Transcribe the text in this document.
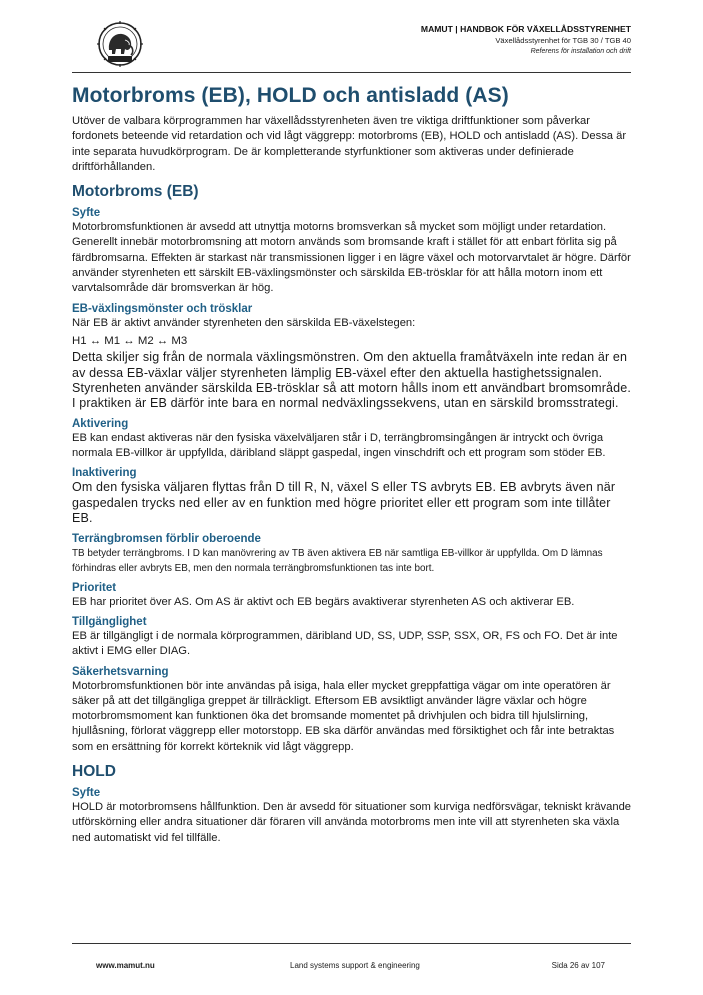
MAMUT | HANDBOK FÖR VÄXELLÅDSSTYRENHET
Växellådsstyrenhet för TGB 30 / TGB 40
Referens för installation och drift
Motorbroms (EB), HOLD och antisladd (AS)

Utöver de valbara körprogrammen har växellådsstyrenheten även tre viktiga driftfunktioner som påverkar fordonets beteende vid retardation och vid lågt väggrepp: motorbroms (EB), HOLD och antisladd (AS). Dessa är inte separata huvudkörprogram. De är kompletterande styrfunktioner som aktiveras under definierade driftförhållanden.

Motorbroms (EB)
Syfte

Motorbromsfunktionen är avsedd att utnyttja motorns bromsverkan så mycket som möjligt under retardation. Generellt innebär motorbromsning att motorn används som bromsande kraft i stället för att enbart förlita sig på färdbromsarna. Effekten är starkast när transmissionen ligger i en lägre växel och motorvarvtalet är högre. Därför använder styrenheten ett särskilt EB-växlingsmönster och särskilda EB-trösklar för att hålla motorn inom ett varvtalsområde där bromsverkan är hög.

EB-växlingsmönster och trösklar

När EB är aktivt använder styrenheten den särskilda EB-växelstegen:

H1 ↔ M1 ↔ M2 ↔ M3

Detta skiljer sig från de normala växlingsmönstren. Om den aktuella framåtväxeln inte redan är en av dessa EB-växlar väljer styrenheten lämplig EB-växel efter den aktuella hastighetssignalen. Styrenheten använder särskilda EB-trösklar så att motorn hålls inom ett användbart bromsområde. I praktiken är EB därför inte bara en normal nedväxlingssekvens, utan en särskild bromsstrategi.

Aktivering

EB kan endast aktiveras när den fysiska växelväljaren står i D, terrängbromsingången är intryckt och övriga normala EB-villkor är uppfyllda, däribland släppt gaspedal, ingen vinschdrift och ett program som stöder EB.

Inaktivering

Om den fysiska väljaren flyttas från D till R, N, växel S eller TS avbryts EB. EB avbryts även när gaspedalen trycks ned eller av en funktion med högre prioritet eller ett program som inte tillåter EB.

Terrängbromsen förblir oberoende

TB betyder terrängbroms. I D kan manövrering av TB även aktivera EB när samtliga EB-villkor är uppfyllda. Om D lämnas förhindras eller avbryts EB, men den normala terrängbromsfunktionen tas inte bort.

Prioritet

EB har prioritet över AS. Om AS är aktivt och EB begärs avaktiverar styrenheten AS och aktiverar EB.

Tillgänglighet

EB är tillgängligt i de normala körprogrammen, däribland UD, SS, UDP, SSP, SSX, OR, FS och FO. Det är inte aktivt i EMG eller DIAG.

Säkerhetsvarning

Motorbromsfunktionen bör inte användas på isiga, hala eller mycket greppfattiga vägar om inte operatören är säker på att det tillgängliga greppet är tillräckligt. Eftersom EB avsiktligt använder lägre växlar och högre motorbromsmoment kan funktionen öka det bromsande momentet på drivhjulen och bidra till hjulslirning, hjullåsning, förlorat väggrepp eller motorstopp. EB ska därför användas med försiktighet och får inte betraktas som en ersättning för korrekt körteknik vid lågt väggrepp.

HOLD
Syfte

HOLD är motorbromsens hållfunktion. Den är avsedd för situationer som kurviga nedförsvägar, tekniskt krävande utförskörning eller andra situationer där föraren vill använda motorbroms men inte vill att styrenheten ska växla ned automatiskt vid fel tillfälle.

www.mamut.nu	Land systems support & engineering	Sida 26 av 107
